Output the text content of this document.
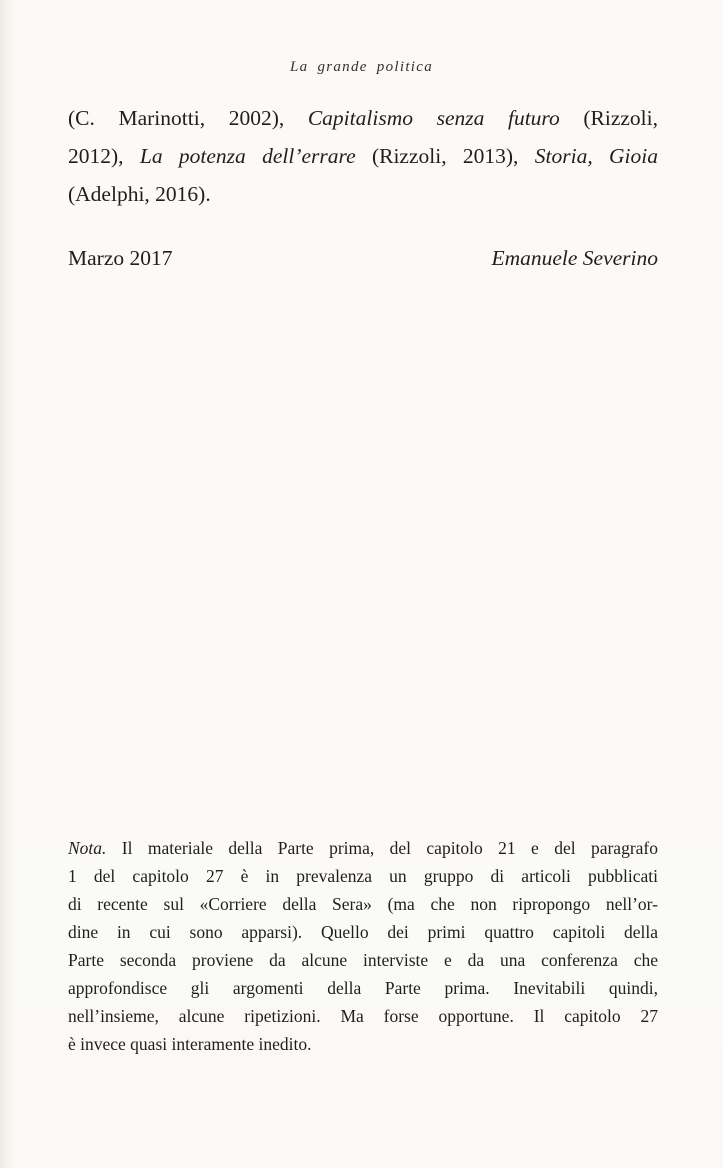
La grande politica
(C. Marinotti, 2002), Capitalismo senza futuro (Rizzoli,
2012), La potenza dell’errare (Rizzoli, 2013), Storia, Gioia
(Adelphi, 2016).
Marzo 2017	Emanuele Severino
Nota. Il materiale della Parte prima, del capitolo 21 e del paragrafo
1 del capitolo 27 è in prevalenza un gruppo di articoli pubblicati
di recente sul «Corriere della Sera» (ma che non ripropongo nell’or-
dine in cui sono apparsi). Quello dei primi quattro capitoli della
Parte seconda proviene da alcune interviste e da una conferenza che
approfondisce gli argomenti della Parte prima. Inevitabili quindi,
nell’insieme, alcune ripetizioni. Ma forse opportune. Il capitolo 27
è invece quasi interamente inedito.
